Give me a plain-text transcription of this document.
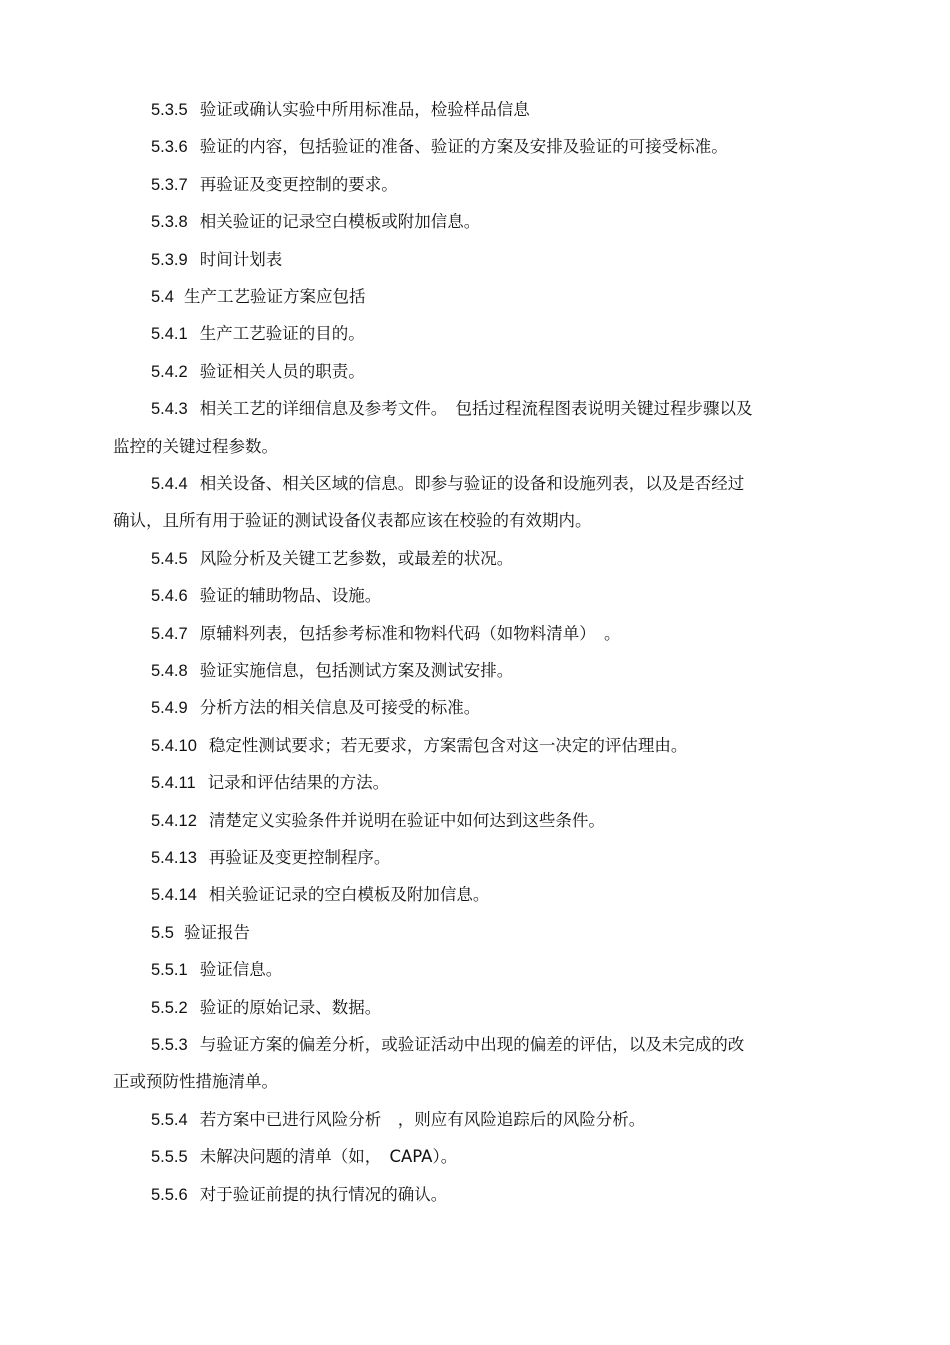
5.3.5 验证或确认实验中所用标准品，检验样品信息
5.3.6 验证的内容，包括验证的准备、验证的方案及安排及验证的可接受标准。
5.3.7 再验证及变更控制的要求。
5.3.8 相关验证的记录空白模板或附加信息。
5.3.9 时间计划表
5.4 生产工艺验证方案应包括
5.4.1 生产工艺验证的目的。
5.4.2 验证相关人员的职责。
5.4.3 相关工艺的详细信息及参考文件。　包括过程流程图表说明关键过程步骤以及
监控的关键过程参数。
5.4.4 相关设备、相关区域的信息。即参与验证的设备和设施列表，以及是否经过
确认，且所有用于验证的测试设备仪表都应该在校验的有效期内。
5.4.5 风险分析及关键工艺参数，或最差的状况。
5.4.6 验证的辅助物品、设施。
5.4.7 原辅料列表，包括参考标准和物料代码（如物料清单）　。
5.4.8 验证实施信息，包括测试方案及测试安排。
5.4.9 分析方法的相关信息及可接受的标准。
5.4.10 稳定性测试要求；若无要求，方案需包含对这一决定的评估理由。
5.4.11 记录和评估结果的方法。
5.4.12 清楚定义实验条件并说明在验证中如何达到这些条件。
5.4.13 再验证及变更控制程序。
5.4.14 相关验证记录的空白模板及附加信息。
5.5 验证报告
5.5.1 验证信息。
5.5.2 验证的原始记录、数据。
5.5.3 与验证方案的偏差分析，或验证活动中出现的偏差的评估，以及未完成的改
正或预防性措施清单。
5.5.4 若方案中已进行风险分析　，则应有风险追踪后的风险分析。
5.5.5 未解决问题的清单（如，　CAPA）。
5.5.6 对于验证前提的执行情况的确认。
